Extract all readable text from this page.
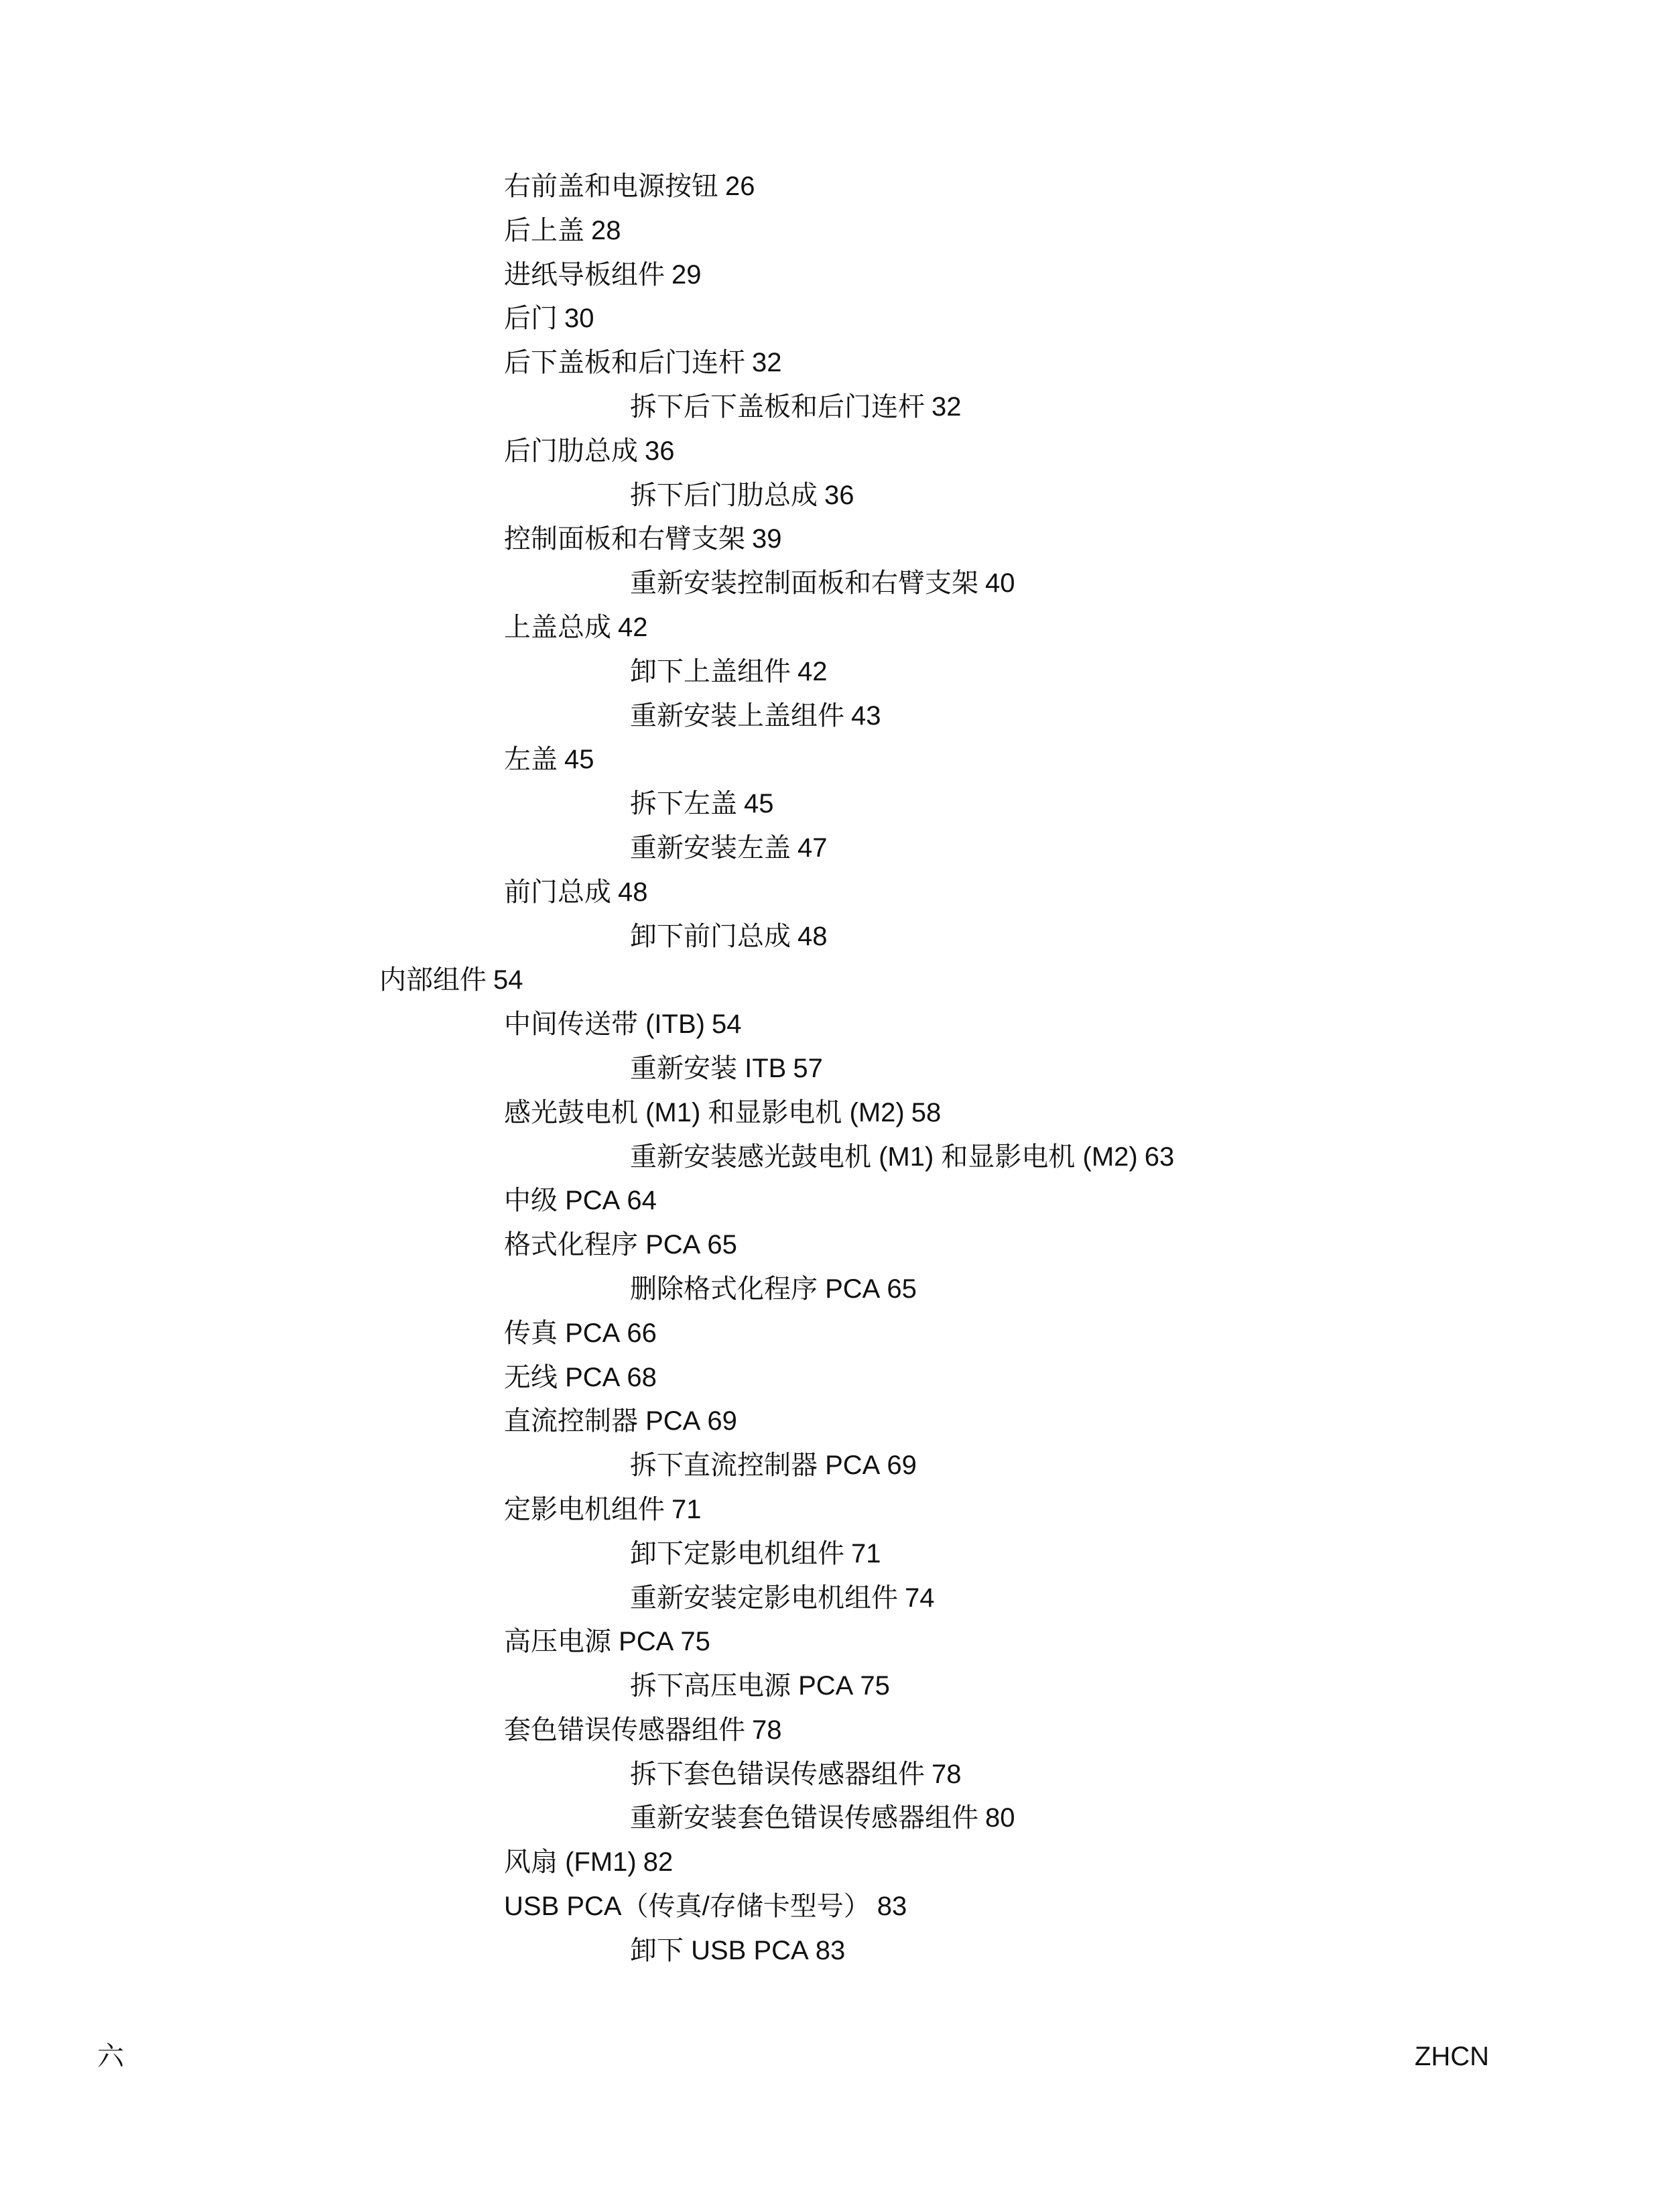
右前盖和电源按钮 26
后上盖 28
进纸导板组件 29
后门 30
后下盖板和后门连杆 32
拆下后下盖板和后门连杆 32
后门肋总成 36
拆下后门肋总成 36
控制面板和右臂支架 39
重新安装控制面板和右臂支架 40
上盖总成 42
卸下上盖组件 42
重新安装上盖组件 43
左盖 45
拆下左盖 45
重新安装左盖 47
前门总成 48
卸下前门总成 48
内部组件 54
中间传送带 (ITB) 54
重新安装 ITB 57
感光鼓电机 (M1) 和显影电机 (M2) 58
重新安装感光鼓电机 (M1) 和显影电机 (M2) 63
中级 PCA 64
格式化程序 PCA 65
删除格式化程序 PCA 65
传真 PCA 66
无线 PCA 68
直流控制器 PCA 69
拆下直流控制器 PCA 69
定影电机组件 71
卸下定影电机组件 71
重新安装定影电机组件 74
高压电源 PCA 75
拆下高压电源 PCA 75
套色错误传感器组件 78
拆下套色错误传感器组件 78
重新安装套色错误传感器组件 80
风扇 (FM1) 82
USB PCA（传真/存储卡型号） 83
卸下 USB PCA 83
六	ZHCN
